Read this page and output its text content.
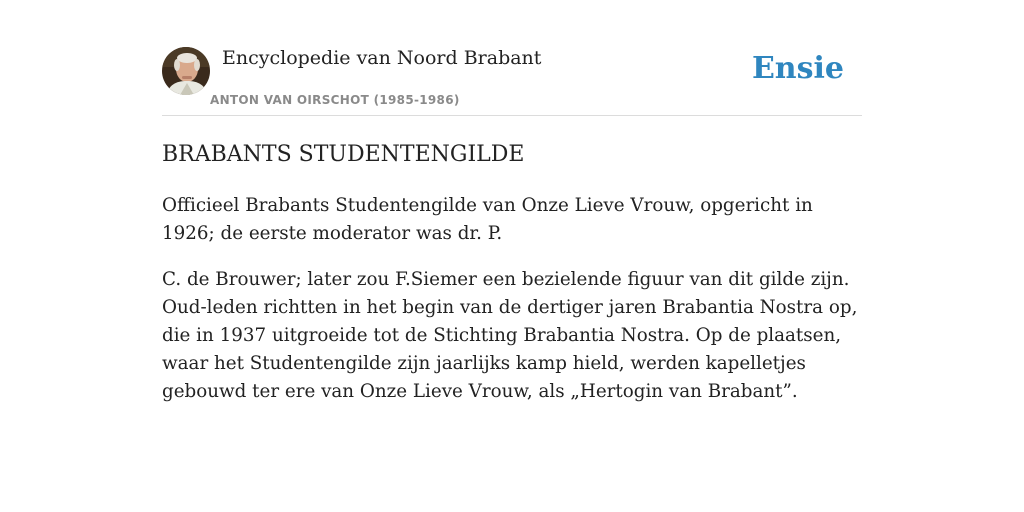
Encyclopedie van Noord Brabant
ANTON VAN OIRSCHOT (1985-1986)
Ensie
BRABANTS STUDENTENGILDE

Officieel Brabants Studentengilde van Onze Lieve Vrouw, opgericht in 1926; de eerste moderator was dr. P.

C. de Brouwer; later zou F.Siemer een bezielende figuur van dit gilde zijn. Oud-leden richtten in het begin van de dertiger jaren Brabantia Nostra op, die in 1937 uitgroeide tot de Stichting Brabantia Nostra. Op de plaatsen, waar het Studentengilde zijn jaarlijks kamp hield, werden kapelletjes gebouwd ter ere van Onze Lieve Vrouw, als „Hertogin van Brabant”.
